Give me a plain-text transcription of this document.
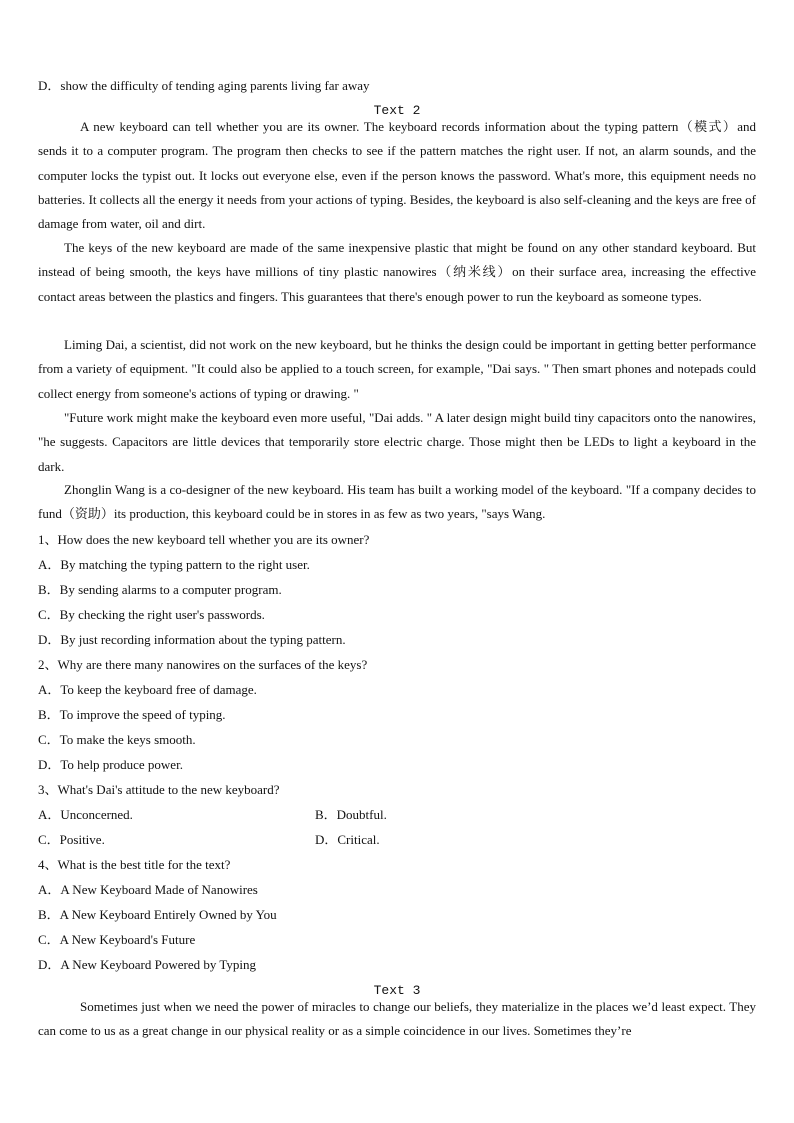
D．show the difficulty of tending aging parents living far away
Text 2
A new keyboard can tell whether you are its owner. The keyboard records information about the typing pattern（模式）and sends it to a computer program. The program then checks to see if the pattern matches the right user. If not, an alarm sounds, and the computer locks the typist out. It locks out everyone else, even if the person knows the password. What's more, this equipment needs no batteries. It collects all the energy it needs from your actions of typing. Besides, the keyboard is also self-cleaning and the keys are free of damage from water, oil and dirt.
The keys of the new keyboard are made of the same inexpensive plastic that might be found on any other standard keyboard. But instead of being smooth, the keys have millions of tiny plastic nanowires（纳米线）on their surface area, increasing the effective contact areas between the plastics and fingers. This guarantees that there's enough power to run the keyboard as someone types.
Liming Dai, a scientist, did not work on the new keyboard, but he thinks the design could be important in getting better performance from a variety of equipment. "It could also be applied to a touch screen, for example, "Dai says. " Then smart phones and notepads could collect energy from someone's actions of typing or drawing. "
"Future work might make the keyboard even more useful, "Dai adds. " A later design might build tiny capacitors onto the nanowires, "he suggests. Capacitors are little devices that temporarily store electric charge. Those might then be LEDs to light a keyboard in the dark.
Zhonglin Wang is a co-designer of the new keyboard. His team has built a working model of the keyboard. "If a company decides to fund（资助）its production, this keyboard could be in stores in as few as two years, "says Wang.
1、How does the new keyboard tell whether you are its owner?
A．By matching the typing pattern to the right user.
B．By sending alarms to a computer program.
C．By checking the right user's passwords.
D．By just recording information about the typing pattern.
2、Why are there many nanowires on the surfaces of the keys?
A．To keep the keyboard free of damage.
B．To improve the speed of typing.
C．To make the keys smooth.
D．To help produce power.
3、What's Dai's attitude to the new keyboard?
A．Unconcerned.	B．Doubtful.
C．Positive.	D．Critical.
4、What is the best title for the text?
A．A New Keyboard Made of Nanowires
B．A New Keyboard Entirely Owned by You
C．A New Keyboard's Future
D．A New Keyboard Powered by Typing
Text 3
Sometimes just when we need the power of miracles to change our beliefs, they materialize in the places we’d least expect. They can come to us as a great change in our physical reality or as a simple coincidence in our lives. Sometimes they’re
